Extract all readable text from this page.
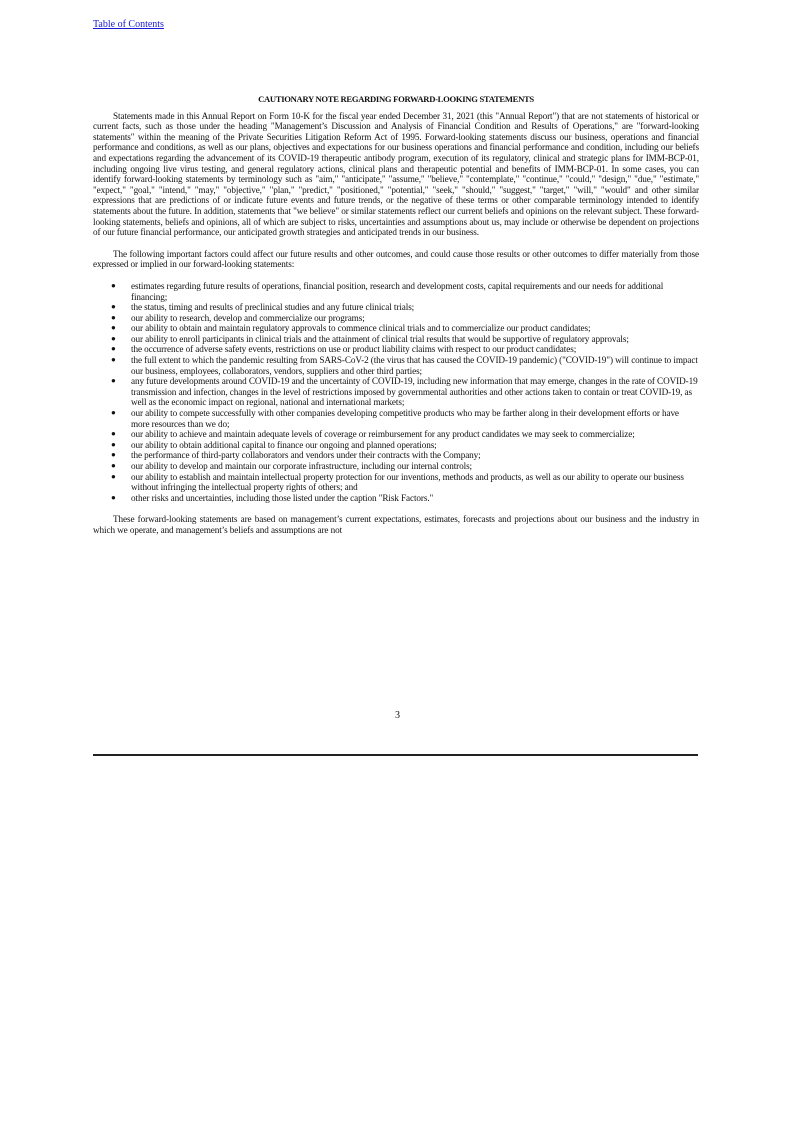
Table of Contents
CAUTIONARY NOTE REGARDING FORWARD-LOOKING STATEMENTS

Statements made in this Annual Report on Form 10-K for the fiscal year ended December 31, 2021 (this "Annual Report") that are not statements of historical or current facts, such as those under the heading "Management’s Discussion and Analysis of Financial Condition and Results of Operations," are "forward-looking statements" within the meaning of the Private Securities Litigation Reform Act of 1995. Forward-looking statements discuss our business, operations and financial performance and conditions, as well as our plans, objectives and expectations for our business operations and financial performance and condition, including our beliefs and expectations regarding the advancement of its COVID-19 therapeutic antibody program, execution of its regulatory, clinical and strategic plans for IMM-BCP-01, including ongoing live virus testing, and general regulatory actions, clinical plans and therapeutic potential and benefits of IMM-BCP-01. In some cases, you can identify forward-looking statements by terminology such as "aim," "anticipate," "assume," "believe," "contemplate," "continue," "could," "design," "due," "estimate," "expect," "goal," "intend," "may," "objective," "plan," "predict," "positioned," "potential," "seek," "should," "suggest," "target," "will," "would" and other similar expressions that are predictions of or indicate future events and future trends, or the negative of these terms or other comparable terminology intended to identify statements about the future. In addition, statements that "we believe" or similar statements reflect our current beliefs and opinions on the relevant subject. These forward-looking statements, beliefs and opinions, all of which are subject to risks, uncertainties and assumptions about us, may include or otherwise be dependent on projections of our future financial performance, our anticipated growth strategies and anticipated trends in our business.

The following important factors could affect our future results and other outcomes, and could cause those results or other outcomes to differ materially from those expressed or implied in our forward-looking statements:

● estimates regarding future results of operations, financial position, research and development costs, capital requirements and our needs for additional financing;
● the status, timing and results of preclinical studies and any future clinical trials;
● our ability to research, develop and commercialize our programs;
● our ability to obtain and maintain regulatory approvals to commence clinical trials and to commercialize our product candidates;
● our ability to enroll participants in clinical trials and the attainment of clinical trial results that would be supportive of regulatory approvals;
● the occurrence of adverse safety events, restrictions on use or product liability claims with respect to our product candidates;
● the full extent to which the pandemic resulting from SARS-CoV-2 (the virus that has caused the COVID-19 pandemic) ("COVID-19") will continue to impact our business, employees, collaborators, vendors, suppliers and other third parties;
● any future developments around COVID-19 and the uncertainty of COVID-19, including new information that may emerge, changes in the rate of COVID-19 transmission and infection, changes in the level of restrictions imposed by governmental authorities and other actions taken to contain or treat COVID-19, as well as the economic impact on regional, national and international markets;
● our ability to compete successfully with other companies developing competitive products who may be farther along in their development efforts or have more resources than we do;
● our ability to achieve and maintain adequate levels of coverage or reimbursement for any product candidates we may seek to commercialize;
● our ability to obtain additional capital to finance our ongoing and planned operations;
● the performance of third-party collaborators and vendors under their contracts with the Company;
● our ability to develop and maintain our corporate infrastructure, including our internal controls;
● our ability to establish and maintain intellectual property protection for our inventions, methods and products, as well as our ability to operate our business without infringing the intellectual property rights of others; and
● other risks and uncertainties, including those listed under the caption "Risk Factors."

These forward-looking statements are based on management’s current expectations, estimates, forecasts and projections about our business and the industry in which we operate, and management’s beliefs and assumptions are not

3
